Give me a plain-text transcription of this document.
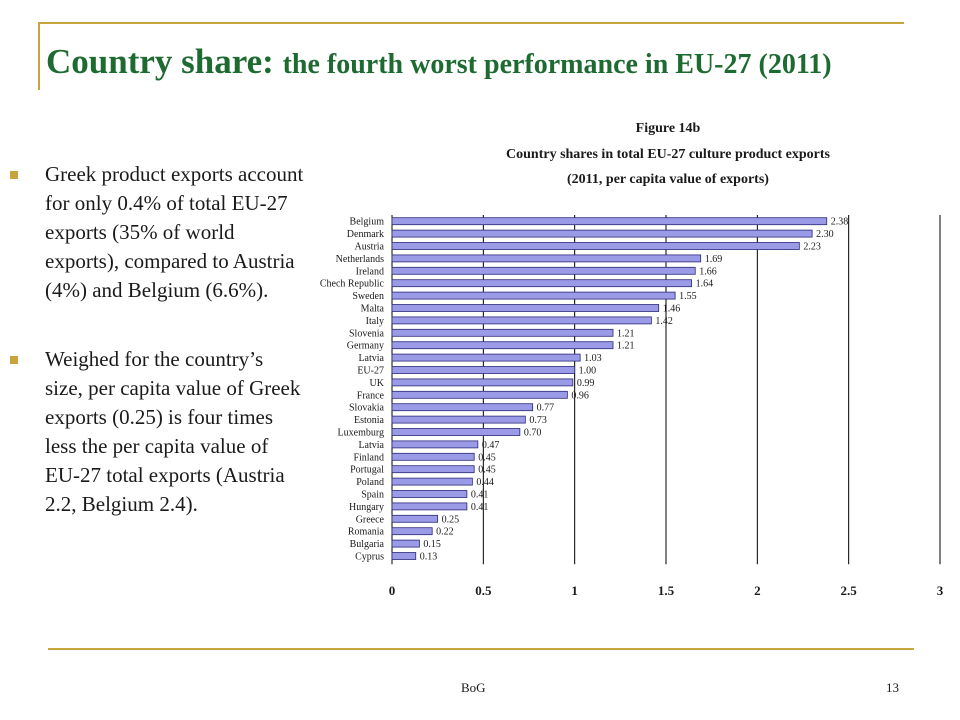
Country share: the fourth worst performance in EU-27 (2011)

Greek product exports account for only 0.4% of total EU-27 exports (35% of world exports), compared to Austria (4%) and Belgium (6.6%).

Weighed for the country’s size, per capita value of Greek exports (0.25) is four times less the per capita value of EU-27 total exports (Austria 2.2, Belgium 2.4).

Figure 14b
Country shares in total EU-27 culture product exports
(2011, per capita value of exports)
0	0.5	1	1.5	2	2.5	3
Belgium	2.38
Denmark	2.30
Austria	2.23
Netherlands	1.69
Ireland	1.66
Chech Republic	1.64
Sweden	1.55
Malta	1.46
Italy	1.42
Slovenia	1.21
Germany	1.21
Latvia	1.03
EU-27	1.00
UK	0.99
France	0.96
Slovakia	0.77
Estonia	0.73
Luxemburg	0.70
Latvia	0.47
Finland	0.45
Portugal	0.45
Poland	0.44
Spain	0.41
Hungary	0.41
Greece	0.25
Romania	0.22
Bulgaria	0.15
Cyprus	0.13
BoG	13
